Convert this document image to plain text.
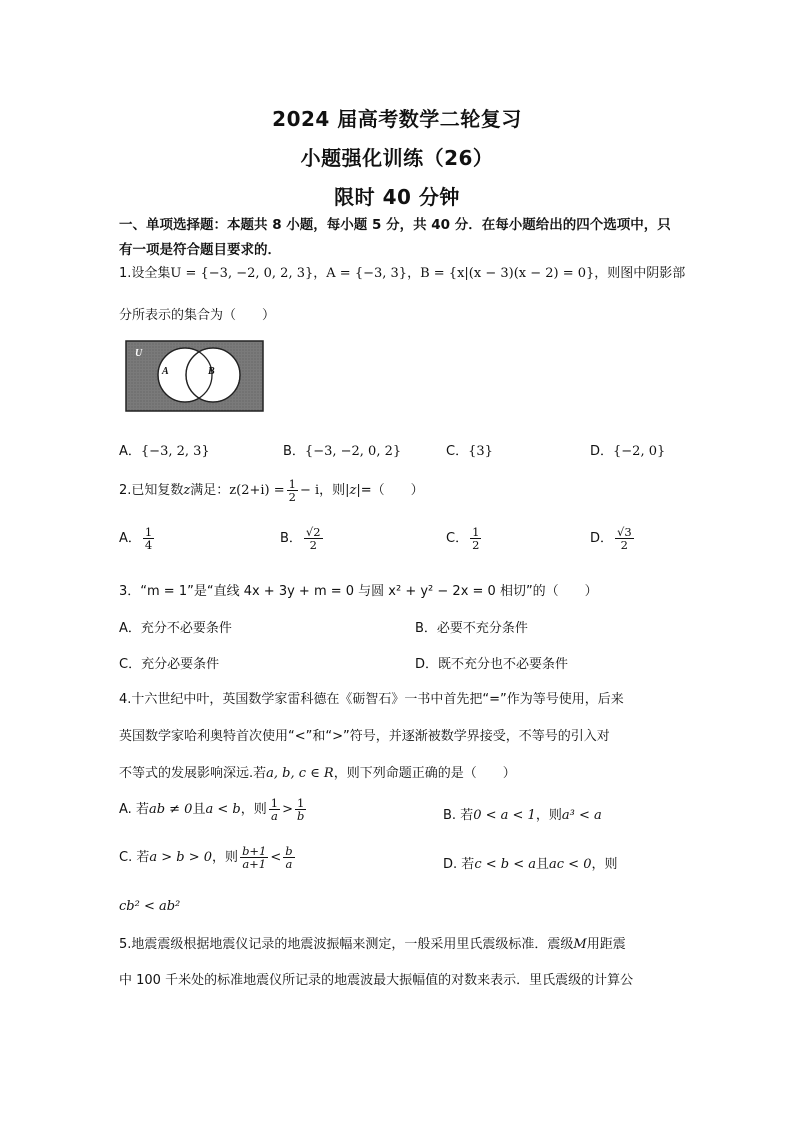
2024 届高考数学二轮复习
小题强化训练（26）
限时 40 分钟
一、单项选择题：本题共 8 小题，每小题 5 分，共 40 分．在每小题给出的四个选项中，只
有一项是符合题目要求的．
1.设全集U = {−3, −2, 0, 2, 3}，A = {−3, 3}，B = {x|(x − 3)(x − 2) = 0}，则图中阴影部
分所表示的集合为（　　）
U
A	B
A．{−3, 2, 3}	B．{−3, −2, 0, 2}	C．{3}	D．{−2, 0}
2.已知复数z满足：$z(2+i) = \frac{1}{2} - i$，则|z|=（　　）
A． $\frac{1}{4}$	B． $\frac{√2}{2}$	C． $\frac{1}{2}$	D． $\frac{√3}{2}$
3．“m = 1”是“直线 4x + 3y + m = 0 与圆 x² + y² − 2x = 0 相切”的（　　）
A．充分不必要条件	B．必要不充分条件
C．充分必要条件	D．既不充分也不必要条件
4.十六世纪中叶，英国数学家雷科德在《砺智石》一书中首先把“=”作为等号使用，后来
英国数学家哈利奥特首次使用“<”和“>”符号，并逐渐被数学界接受，不等号的引入对
不等式的发展影响深远.若a, b, c ∈ R，则下列命题正确的是（　　）
A. 若ab ≠ 0且a < b，则 $\frac{1}{a} > \frac{1}{b}$	B. 若0 < a < 1，则a³ < a
C. 若a > b > 0，则 $\frac{b+1}{a+1} < \frac{b}{a}$	D. 若c < b < a且ac < 0，则
cb² < ab²
5.地震震级根据地震仪记录的地震波振幅来测定，一般采用里氏震级标准．震级M用距震
中 100 千米处的标准地震仪所记录的地震波最大振幅值的对数来表示．里氏震级的计算公
